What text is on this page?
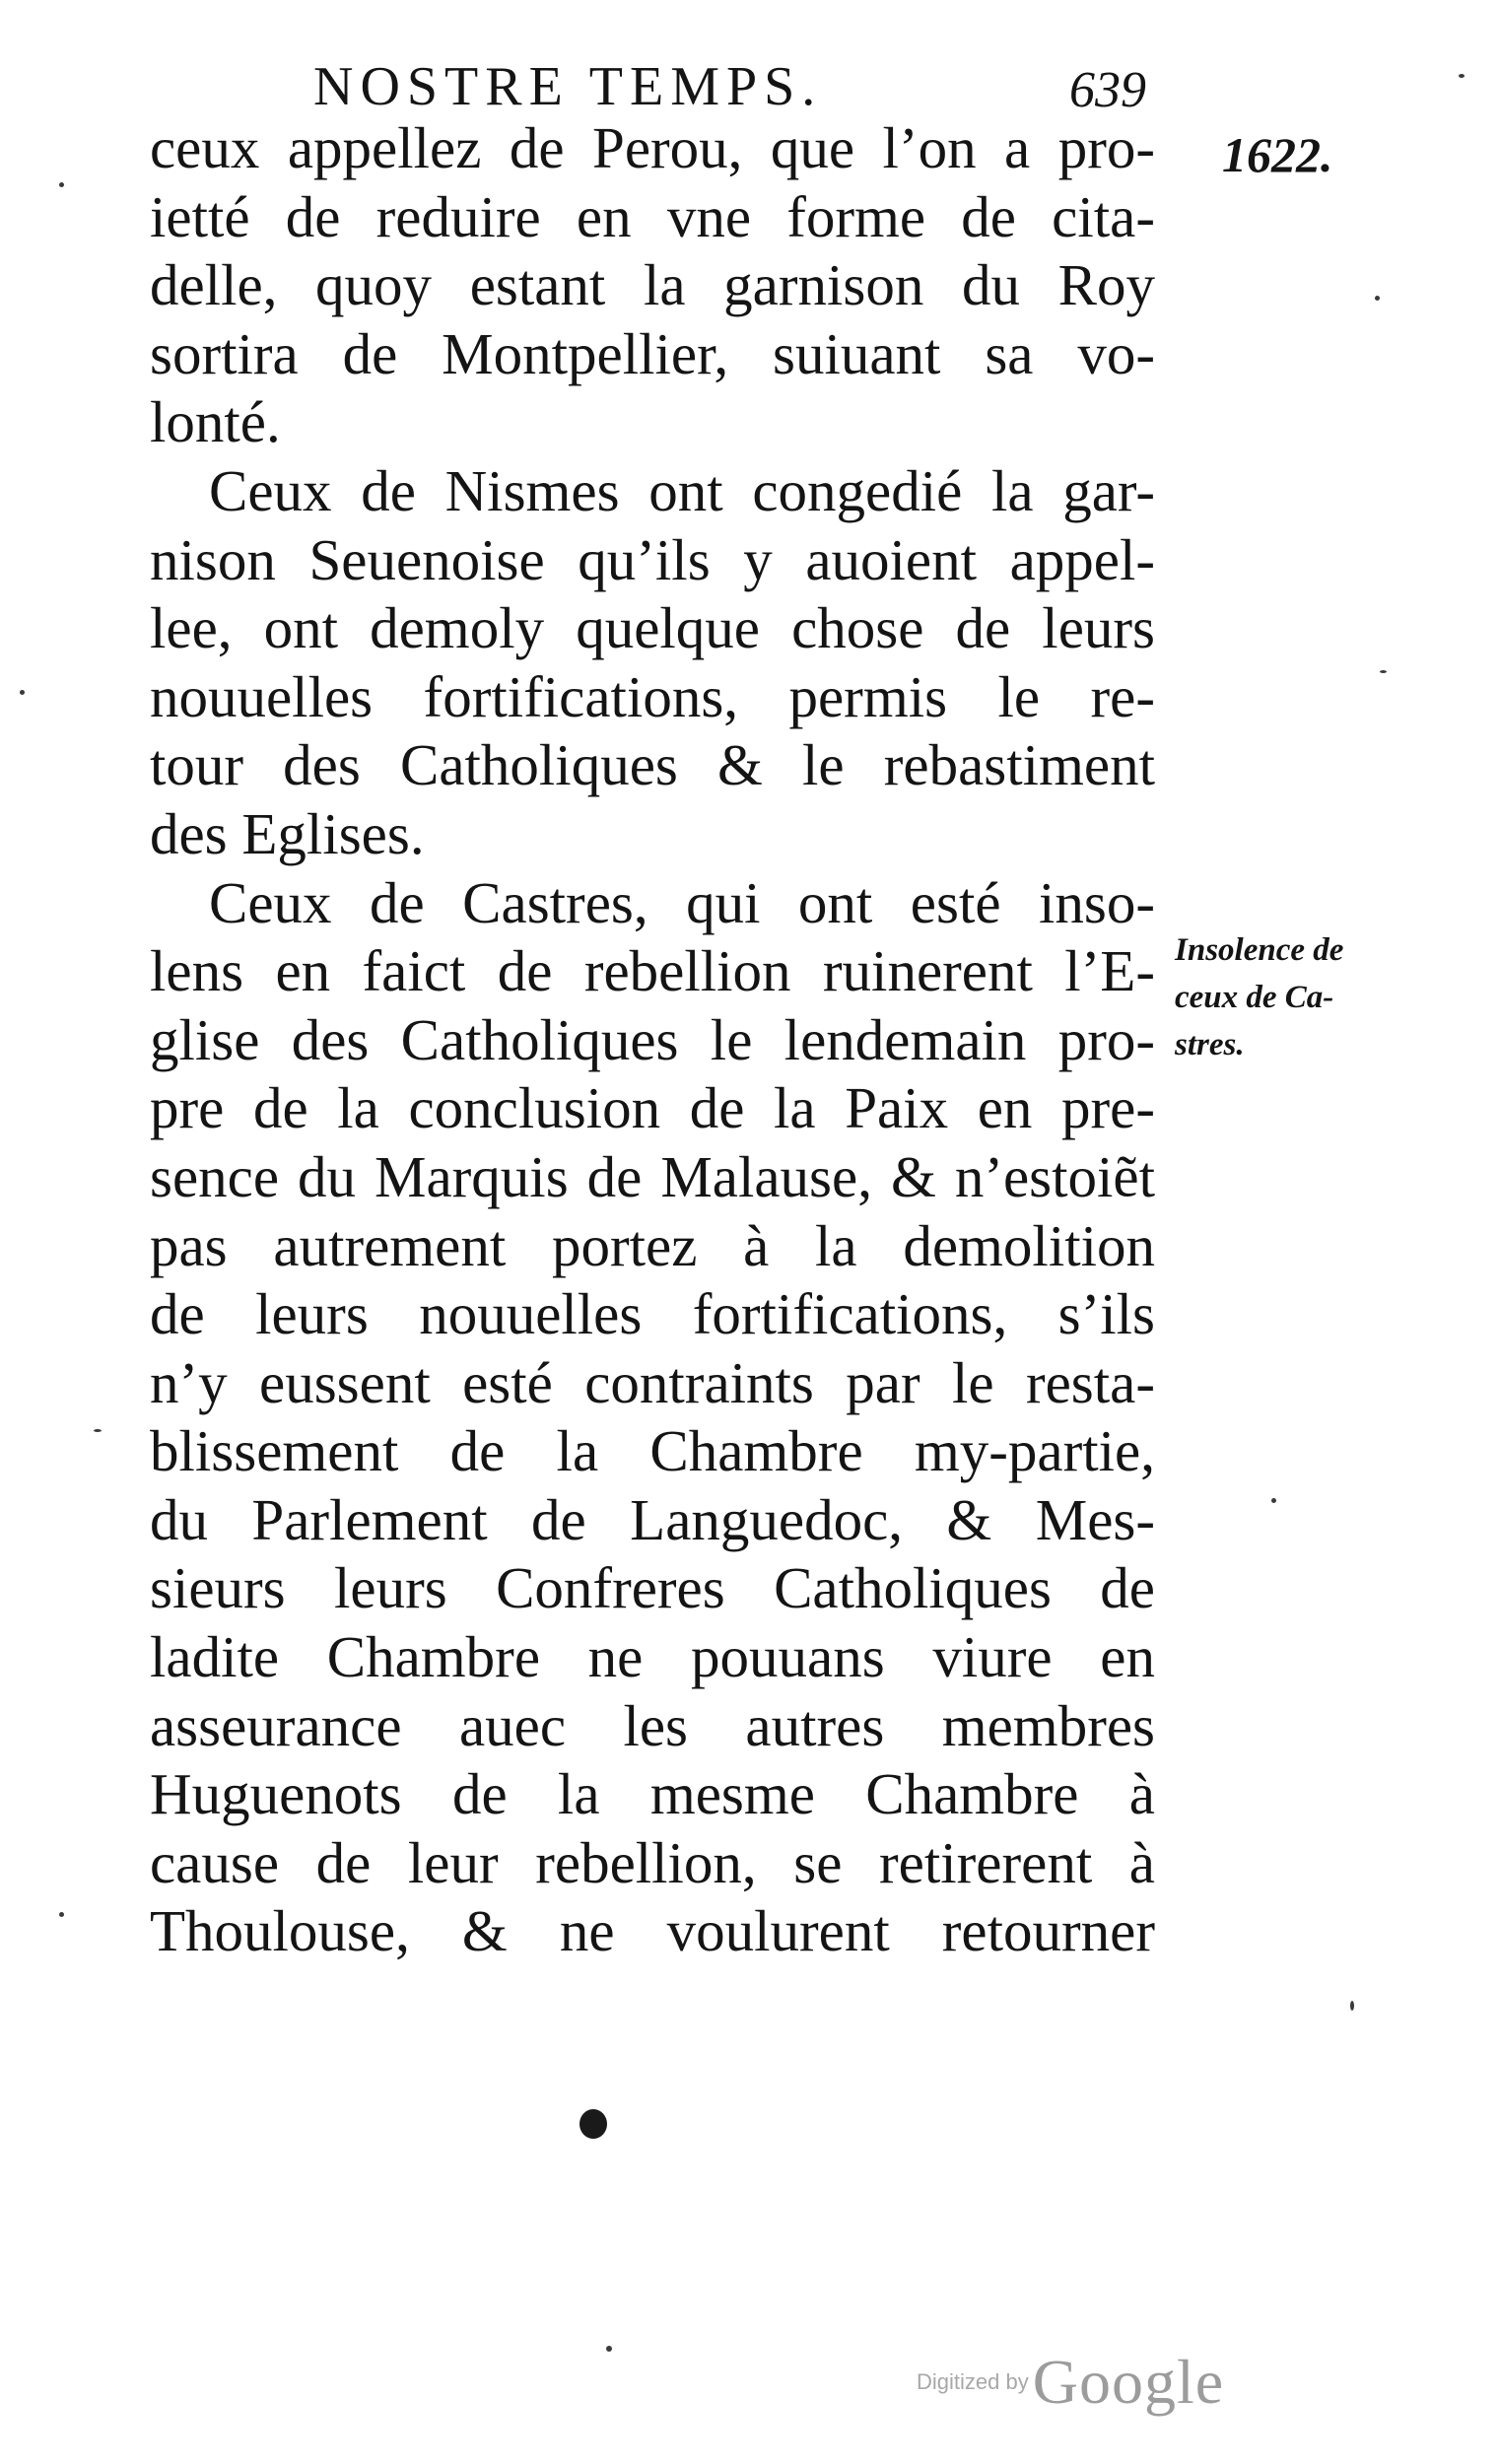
NOSTRE TEMPS.	639
1622.
ceux appellez de Perou, que l’on a pro-
ietté de reduire en vne forme de cita-
delle, quoy estant la garnison du Roy
sortira de Montpellier, suiuant sa vo-
lonté.
Ceux de Nismes ont congedié la gar-
nison Seuenoise qu’ils y auoient appel-
lee, ont demoly quelque chose de leurs
nouuelles fortifications, permis le re-
tour des Catholiques & le rebastiment
des Eglises.
Ceux de Castres, qui ont esté inso-
lens en faict de rebellion ruinerent l’E-
glise des Catholiques le lendemain pro-
pre de la conclusion de la Paix en pre-
sence du Marquis de Malause, & n’estoiẽt
pas autrement portez à la demolition
de leurs nouuelles fortifications, s’ils
n’y eussent esté contraints par le resta-
blissement de la Chambre my-partie,
du Parlement de Languedoc, & Mes-
sieurs leurs Confreres Catholiques de
ladite Chambre ne pouuans viure en
asseurance auec les autres membres
Huguenots de la mesme Chambre à
cause de leur rebellion, se retirerent à
Thoulouse, & ne voulurent retourner
Insolence de
ceux de Ca-
stres.
Digitized by Google
